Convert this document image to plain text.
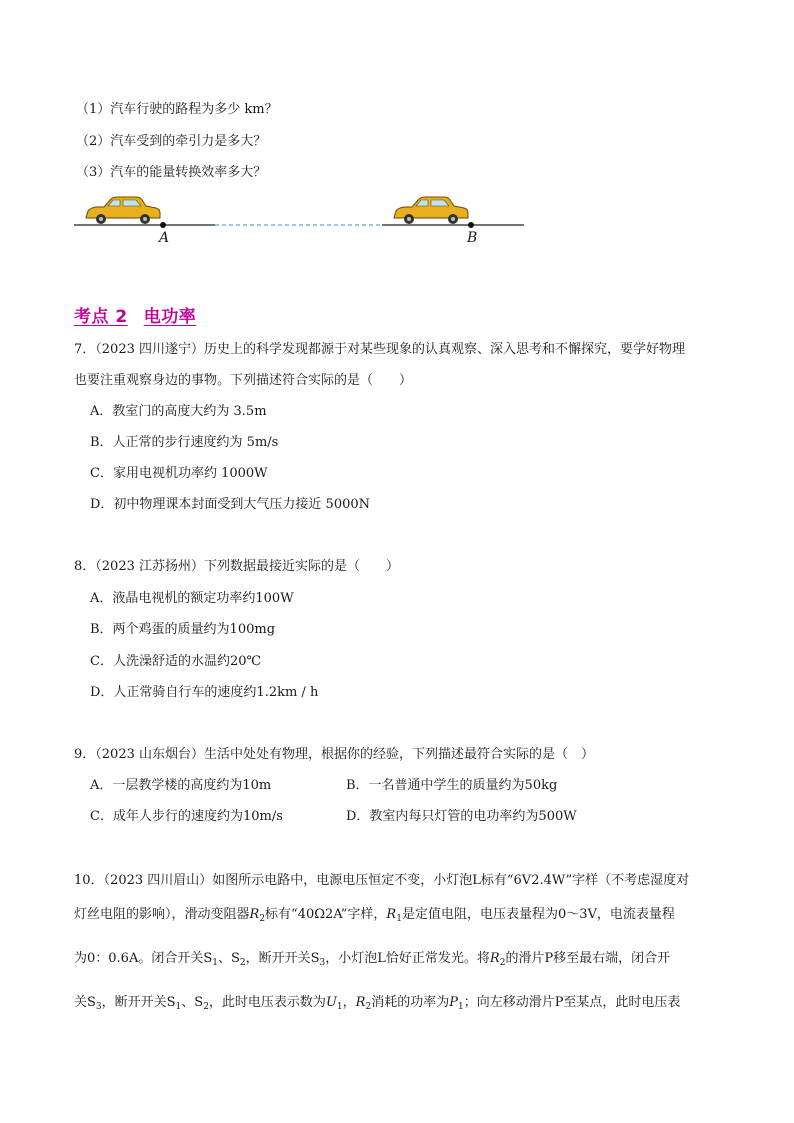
（1）汽车行驶的路程为多少 km？
（2）汽车受到的牵引力是多大？
（3）汽车的能量转换效率多大？
A	B
考点 2 电功率
7．（2023 四川遂宁）历史上的科学发现都源于对某些现象的认真观察、深入思考和不懈探究，要学好物理
也要注重观察身边的事物。下列描述符合实际的是（　　）
A．教室门的高度大约为 3.5m
B．人正常的步行速度约为 5m/s
C．家用电视机功率约 1000W
D．初中物理课本封面受到大气压力接近 5000N
8．（2023 江苏扬州）下列数据最接近实际的是（　　）
A．液晶电视机的额定功率约100W
B．两个鸡蛋的质量约为100mg
C．人洗澡舒适的水温约20℃
D．人正常骑自行车的速度约1.2km / h
9．（2023 山东烟台）生活中处处有物理，根据你的经验，下列描述最符合实际的是（　）
A．一层教学楼的高度约为10m	B．一名普通中学生的质量约为50kg
C．成年人步行的速度约为10m/s	D．教室内每只灯管的电功率约为500W
10．（2023 四川眉山）如图所示电路中，电源电压恒定不变，小灯泡L标有“6V2.4W”字样（不考虑湿度对
灯丝电阻的影响），滑动变阻器$R_2$标有“40Ω2A”字样，$R_1$是定值电阻，电压表量程为0～3V，电流表量程
为0：0.6A。闭合开关$S_1$、$S_2$，断开开关$S_3$，小灯泡L恰好正常发光。将$R_2$的滑片P移至最右端，闭合开
关$S_3$，断开开关$S_1$、$S_2$，此时电压表示数为$U_1$，$R_2$消耗的功率为$P_1$；向左移动滑片P至某点，此时电压表
